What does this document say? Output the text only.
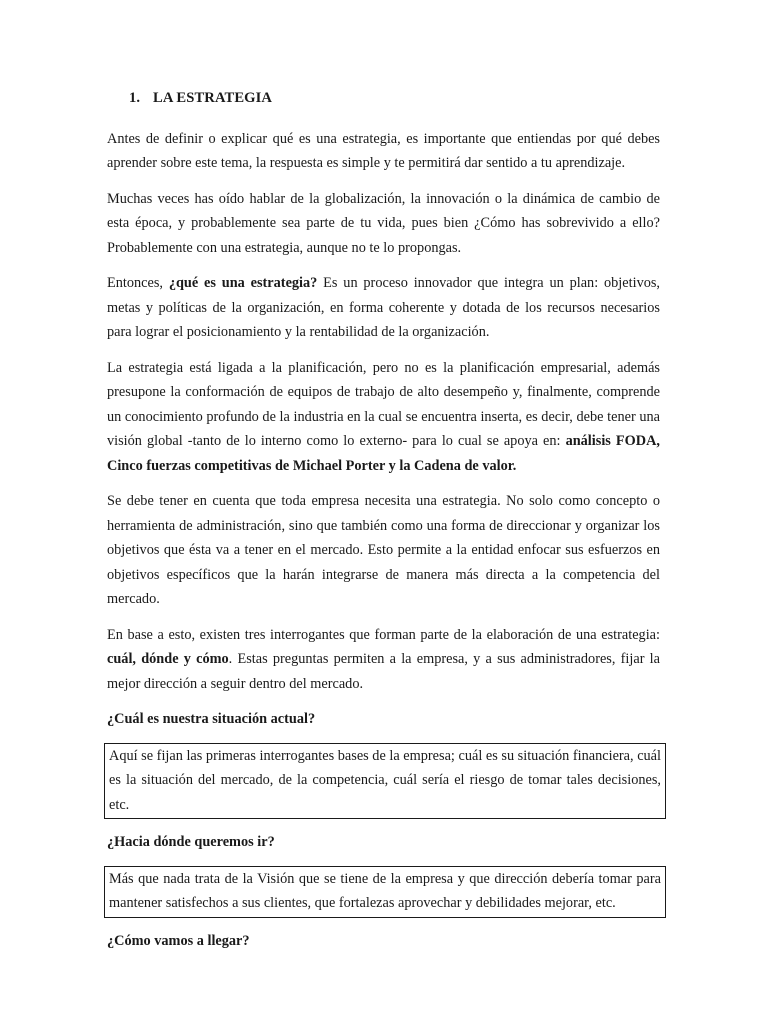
1. LA ESTRATEGIA

Antes de definir o explicar qué es una estrategia, es importante que entiendas por qué debes aprender sobre este tema, la respuesta es simple y te permitirá dar sentido a tu aprendizaje.

Muchas veces has oído hablar de la globalización, la innovación o la dinámica de cambio de esta época, y probablemente sea parte de tu vida, pues bien ¿Cómo has sobrevivido a ello? Probablemente con una estrategia, aunque no te lo propongas.

Entonces, ¿qué es una estrategia? Es un proceso innovador que integra un plan: objetivos, metas y políticas de la organización, en forma coherente y dotada de los recursos necesarios para lograr el posicionamiento y la rentabilidad de la organización.

La estrategia está ligada a la planificación, pero no es la planificación empresarial, además presupone la conformación de equipos de trabajo de alto desempeño y, finalmente, comprende un conocimiento profundo de la industria en la cual se encuentra inserta, es decir, debe tener una visión global -tanto de lo interno como lo externo- para lo cual se apoya en: análisis FODA, Cinco fuerzas competitivas de Michael Porter y la Cadena de valor.

Se debe tener en cuenta que toda empresa necesita una estrategia. No solo como concepto o herramienta de administración, sino que también como una forma de direccionar y organizar los objetivos que ésta va a tener en el mercado. Esto permite a la entidad enfocar sus esfuerzos en objetivos específicos que la harán integrarse de manera más directa a la competencia del mercado.

En base a esto, existen tres interrogantes que forman parte de la elaboración de una estrategia: cuál, dónde y cómo. Estas preguntas permiten a la empresa, y a sus administradores, fijar la mejor dirección a seguir dentro del mercado.

¿Cuál es nuestra situación actual?
Aquí se fijan las primeras interrogantes bases de la empresa; cuál es su situación financiera, cuál es la situación del mercado, de la competencia, cuál sería el riesgo de tomar tales decisiones, etc.
¿Hacia dónde queremos ir?
Más que nada trata de la Visión que se tiene de la empresa y que dirección debería tomar para mantener satisfechos a sus clientes, que fortalezas aprovechar y debilidades mejorar, etc.
¿Cómo vamos a llegar?
